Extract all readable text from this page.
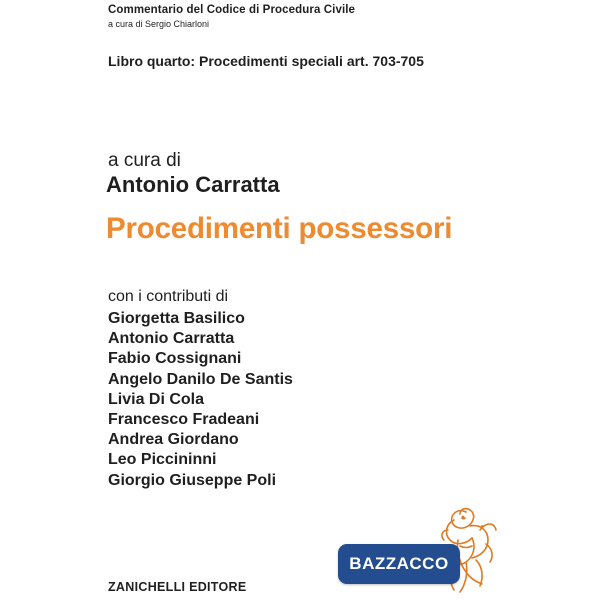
Commentario del Codice di Procedura Civile
a cura di Sergio Chiarloni
Libro quarto: Procedimenti speciali art. 703-705
a cura di
Antonio Carratta
Procedimenti possessori
con i contributi di
Giorgetta Basilico
Antonio Carratta
Fabio Cossignani
Angelo Danilo De Santis
Livia Di Cola
Francesco Fradeani
Andrea Giordano
Leo Piccininni
Giorgio Giuseppe Poli
ZANICHELLI EDITORE
BAZZACCO
